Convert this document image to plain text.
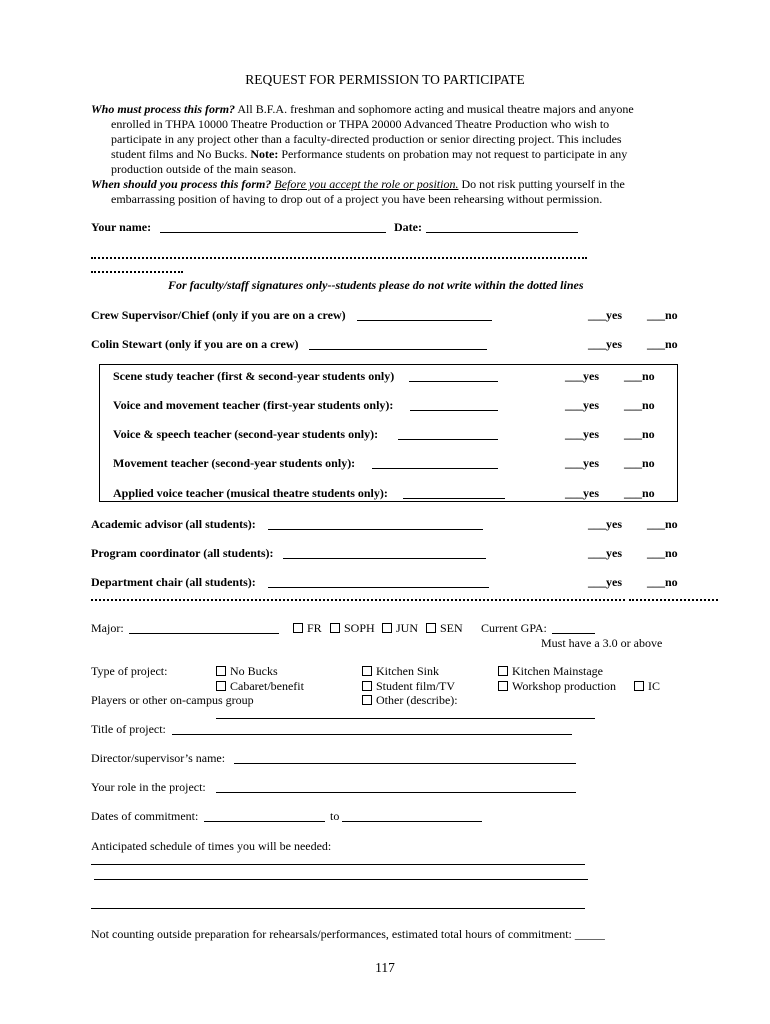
REQUEST FOR PERMISSION TO PARTICIPATE
Who must process this form? All B.F.A. freshman and sophomore acting and musical theatre majors and anyone
enrolled in THPA 10000 Theatre Production or THPA 20000 Advanced Theatre Production who wish to
participate in any project other than a faculty-directed production or senior directing project. This includes
student films and No Bucks. Note: Performance students on probation may not request to participate in any
production outside of the main season.
When should you process this form? Before you accept the role or position. Do not risk putting yourself in the
embarrassing position of having to drop out of a project you have been rehearsing without permission.
Your name:	Date:
For faculty/staff signatures only--students please do not write within the dotted lines
Crew Supervisor/Chief (only if you are on a crew)	___yes ___no
Colin Stewart (only if you are on a crew)	___yes ___no
Scene study teacher (first & second-year students only)	___yes ___no
Voice and movement teacher (first-year students only):	___yes ___no
Voice & speech teacher (second-year students only):	___yes ___no
Movement teacher (second-year students only):	___yes ___no
Applied voice teacher (musical theatre students only):	___yes ___no
Academic advisor (all students):	___yes ___no
Program coordinator (all students):	___yes ___no
Department chair (all students):	___yes ___no
Major:	FR	SOPH	JUN	SEN Current GPA:
Must have a 3.0 or above
Type of project:	No Bucks	Kitchen Sink	Kitchen Mainstage
Cabaret/benefit	Student film/TV	Workshop production	IC
Players or other on-campus group	Other (describe):
Title of project:
Director/supervisor’s name:
Your role in the project:
Dates of commitment:	to
Anticipated schedule of times you will be needed:
Not counting outside preparation for rehearsals/performances, estimated total hours of commitment: _____
117
